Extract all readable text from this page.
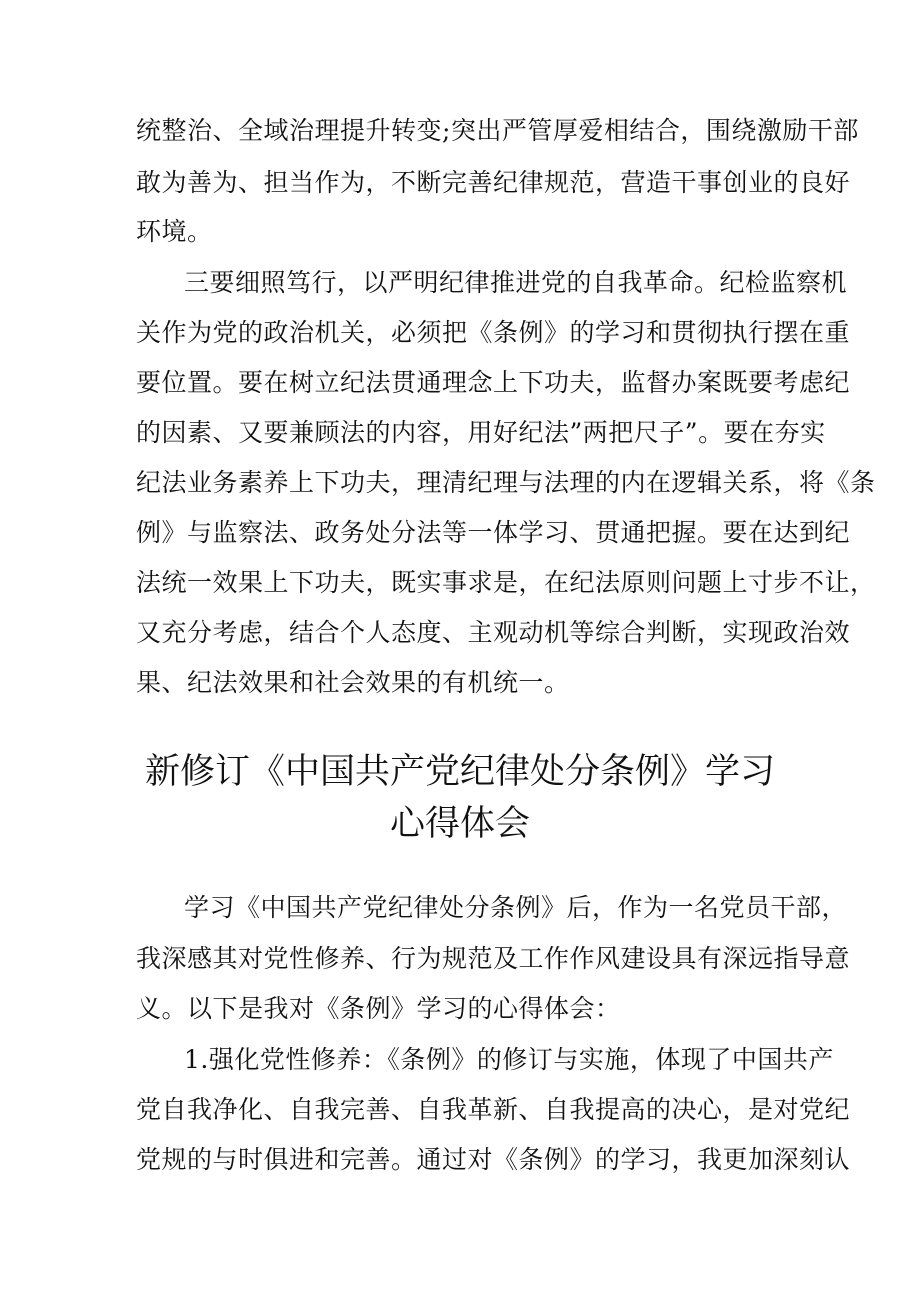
统整治、全域治理提升转变;突出严管厚爱相结合，围绕激励干部
敢为善为、担当作为，不断完善纪律规范，营造干事创业的良好
环境。
三要细照笃行，以严明纪律推进党的自我革命。纪检监察机
关作为党的政治机关，必须把《条例》的学习和贯彻执行摆在重
要位置。要在树立纪法贯通理念上下功夫，监督办案既要考虑纪
的因素、又要兼顾法的内容，用好纪法”两把尺子”。要在夯实
纪法业务素养上下功夫，理清纪理与法理的内在逻辑关系，将《条
例》与监察法、政务处分法等一体学习、贯通把握。要在达到纪
法统一效果上下功夫，既实事求是，在纪法原则问题上寸步不让，
又充分考虑，结合个人态度、主观动机等综合判断，实现政治效
果、纪法效果和社会效果的有机统一。
新修订《中国共产党纪律处分条例》学习
心得体会
学习《中国共产党纪律处分条例》后，作为一名党员干部，
我深感其对党性修养、行为规范及工作作风建设具有深远指导意
义。以下是我对《条例》学习的心得体会：
1.强化党性修养：《条例》的修订与实施，体现了中国共产
党自我净化、自我完善、自我革新、自我提高的决心，是对党纪
党规的与时俱进和完善。通过对《条例》的学习，我更加深刻认
